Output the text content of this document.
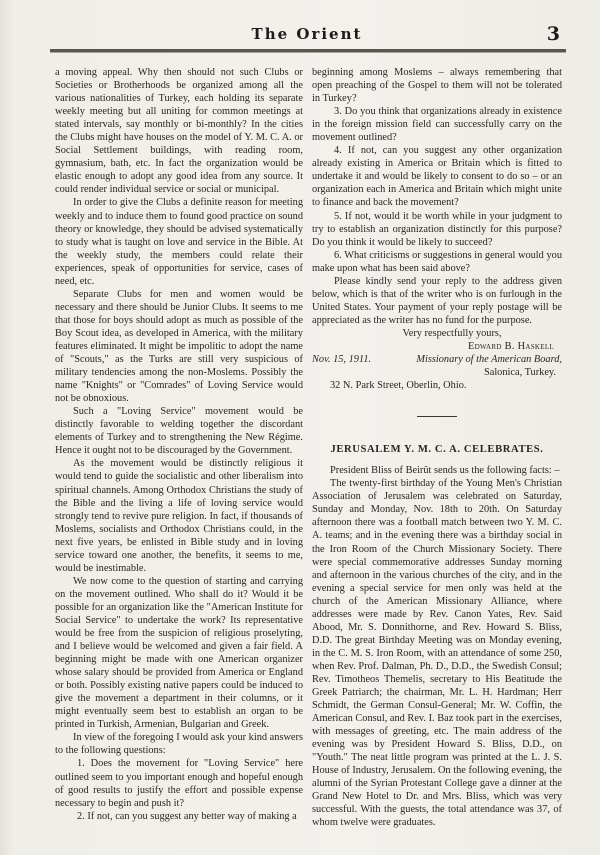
The Orient	3

a moving appeal. Why then should not such Clubs or Societies or Brotherhoods be organized among all the various nationalities of Turkey, each holding its separate weekly meeting but all uniting for common meetings at stated intervals, say monthly or bi-monthly? In the cities the Clubs might have houses on the model of Y. M. C. A. or Social Settlement buildings, with reading room, gymnasium, bath, etc. In fact the organization would be elastic enough to adopt any good idea from any source. It could render individual service or social or municipal.

In order to give the Clubs a definite reason for meeting weekly and to induce them to found good practice on sound theory or knowledge, they should be advised systematically to study what is taught on love and service in the Bible. At the weekly study, the members could relate their experiences, speak of opportunities for service, cases of need, etc.

Separate Clubs for men and women would be necessary and there should be Junior Clubs. It seems to me that those for boys should adopt as much as possible of the Boy Scout idea, as developed in America, with the military features eliminated. It might be impolitic to adopt the name of "Scouts," as the Turks are still very suspicious of military tendencies among the non-Moslems. Possibly the name "Knights" or "Comrades" of Loving Service would not be obnoxious.

Such a "Loving Service" movement would be distinctly favorable to welding together the discordant elements of Turkey and to strengthening the New Régime. Hence it ought not to be discouraged by the Government.

As the movement would be distinctly religious it would tend to guide the socialistic and other liberalism into spiritual channels. Among Orthodox Christians the study of the Bible and the living a life of loving service would strongly tend to revive pure religion. In fact, if thousands of Moslems, socialists and Orthodox Christians could, in the next five years, be enlisted in Bible study and in loving service toward one another, the benefits, it seems to me, would be inestimable.

We now come to the question of starting and carrying on the movement outlined. Who shall do it? Would it be possible for an organization like the "American Institute for Social Service" to undertake the work? Its representative would be free from the suspicion of religious proselyting, and I believe would be welcomed and given a fair field. A beginning might be made with one American organizer whose salary should be provided from America or England or both. Possibly existing native papers could be induced to give the movement a department in their columns, or it might eventually seem best to establish an organ to be printed in Turkish, Armenian, Bulgarian and Greek.

In view of the foregoing I would ask your kind answers to the following questions:

1. Does the movement for "Loving Service" here outlined seem to you important enough and hopeful enough of good results to justify the effort and possible expense necessary to begin and push it?

2. If not, can you suggest any better way of making a

beginning among Moslems – always remembering that open preaching of the Gospel to them will not be tolerated in Turkey?

3. Do you think that organizations already in existence in the foreign mission field can successfully carry on the movement outlined?

4. If not, can you suggest any other organization already existing in America or Britain which is fitted to undertake it and would be likely to consent to do so – or an organization each in America and Britain which might unite to finance and back the movement?

5. If not, would it be worth while in your judgment to try to establish an organization distinctly for this purpose? Do you think it would be likely to succeed?

6. What criticisms or suggestions in general would you make upon what has been said above?

Please kindly send your reply to the address given below, which is that of the writer who is on furlough in the United States. Your payment of your reply postage will be appreciated as the writer has no fund for the purpose.

Very respectfully yours,
Edward B. Haskell
Nov. 15, 1911.	Missionary of the American Board,
Salonica, Turkey.
32 N. Park Street, Oberlin, Ohio.
JERUSALEM Y. M. C. A. CELEBRATES.

President Bliss of Beirût sends us the following facts: –

The twenty-first birthday of the Young Men's Christian Association of Jerusalem was celebrated on Saturday, Sunday and Monday, Nov. 18th to 20th. On Saturday afternoon there was a football match between two Y. M. C. A. teams; and in the evening there was a birthday social in the Iron Room of the Church Missionary Society. There were special commemorative addresses Sunday morning and afternoon in the various churches of the city, and in the evening a special service for men only was held at the church of the American Missionary Alliance, where addresses were made by Rev. Canon Yates, Rev. Said Abood, Mr. S. Donnithorne, and Rev. Howard S. Bliss, D.D. The great Birthday Meeting was on Monday evening, in the C. M. S. Iron Room, with an attendance of some 250, when Rev. Prof. Dalman, Ph. D., D.D., the Swedish Consul; Rev. Timotheos Themelis, secretary to His Beatitude the Greek Patriarch; the chairman, Mr. L. H. Hardman; Herr Schmidt, the German Consul-General; Mr. W. Coffin, the American Consul, and Rev. I. Baz took part in the exercises, with messages of greeting, etc. The main address of the evening was by President Howard S. Bliss, D.D., on "Youth." The neat little program was printed at the L. J. S. House of Industry, Jerusalem. On the following evening, the alumni of the Syrian Protestant College gave a dinner at the Grand New Hotel to Dr. and Mrs. Bliss, which was very successful. With the guests, the total attendance was 37, of whom twelve were graduates.
